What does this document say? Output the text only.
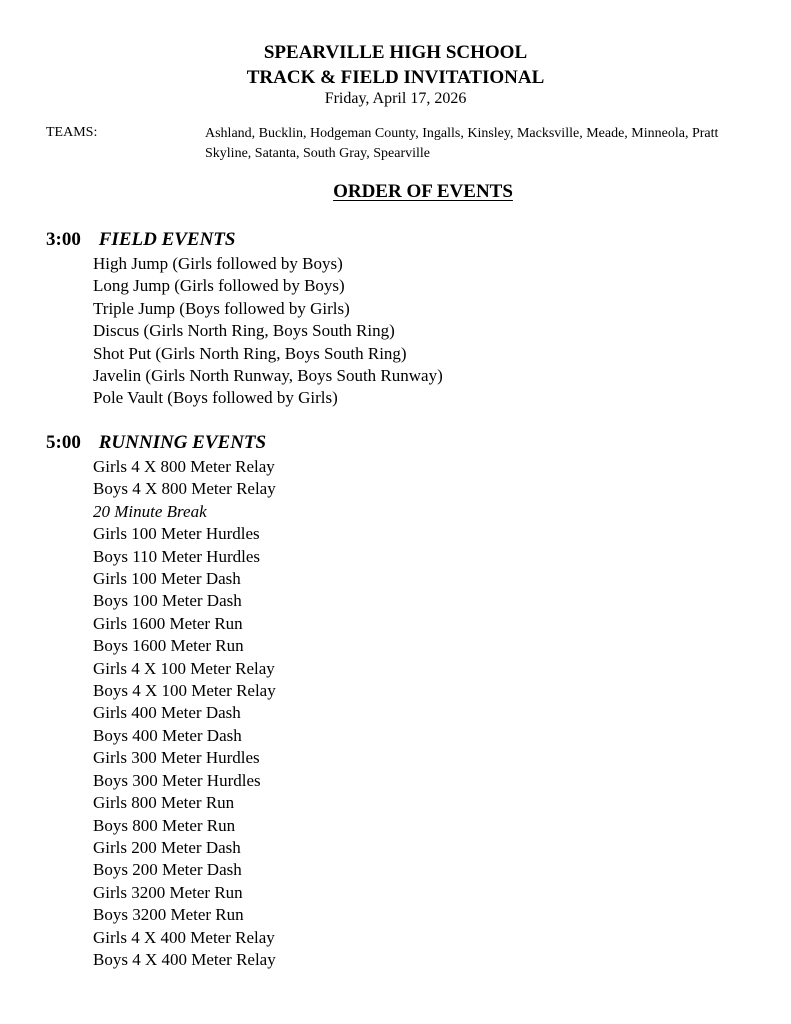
SPEARVILLE HIGH SCHOOL
TRACK & FIELD INVITATIONAL
Friday, April 17, 2026
TEAMS:	Ashland, Bucklin, Hodgeman County, Ingalls, Kinsley, Macksville, Meade, Minneola, Pratt Skyline, Satanta, South Gray, Spearville
ORDER OF EVENTS
3:00 FIELD EVENTS
High Jump (Girls followed by Boys)
Long Jump (Girls followed by Boys)
Triple Jump (Boys followed by Girls)
Discus (Girls North Ring, Boys South Ring)
Shot Put (Girls North Ring, Boys South Ring)
Javelin (Girls North Runway, Boys South Runway)
Pole Vault (Boys followed by Girls)
5:00 RUNNING EVENTS
Girls 4 X 800 Meter Relay
Boys 4 X 800 Meter Relay
20 Minute Break
Girls 100 Meter Hurdles
Boys 110 Meter Hurdles
Girls 100 Meter Dash
Boys 100 Meter Dash
Girls 1600 Meter Run
Boys 1600 Meter Run
Girls 4 X 100 Meter Relay
Boys 4 X 100 Meter Relay
Girls 400 Meter Dash
Boys 400 Meter Dash
Girls 300 Meter Hurdles
Boys 300 Meter Hurdles
Girls 800 Meter Run
Boys 800 Meter Run
Girls 200 Meter Dash
Boys 200 Meter Dash
Girls 3200 Meter Run
Boys 3200 Meter Run
Girls 4 X 400 Meter Relay
Boys 4 X 400 Meter Relay
